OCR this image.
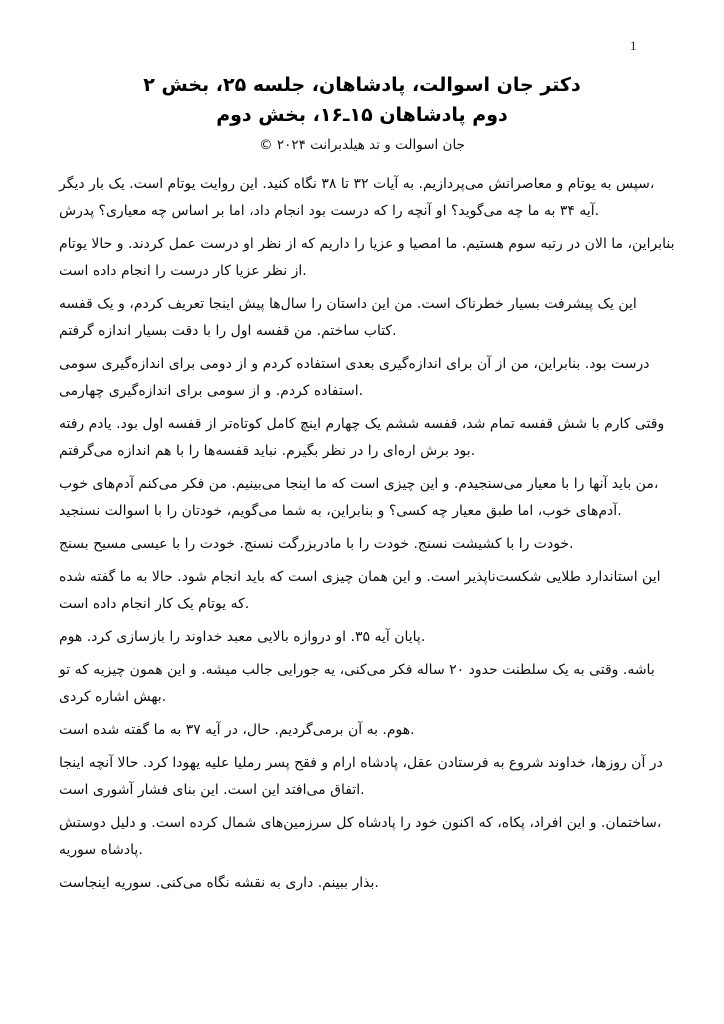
1
دکتر جان اسوالت، پادشاهان، جلسه ۲۵، بخش ۲
دوم پادشاهان ۱۵ـ۱۶، بخش دوم
© ۲۰۲۴ جان اسوالت و تد هیلدبرانت
سپس به یوتام و معاصرانش می‌پردازیم. به آیات ۳۲ تا ۳۸ نگاه کنید. این روایت یوتام است. یک بار دیگر،
آیه ۳۴ به ما چه می‌گوید؟ او آنچه را که درست بود انجام داد، اما بر اساس چه معیاری؟ پدرش.
بنابراین، ما الان در رتبه سوم هستیم. ما امصیا و عزیا را داریم که از نظر او درست عمل کردند. و حالا یوتام
از نظر عزیا کار درست را انجام داده است.
این یک پیشرفت بسیار خطرناک است. من این داستان را سال‌ها پیش اینجا تعریف کردم، و یک قفسه
کتاب ساختم. من قفسه اول را با دقت بسیار اندازه گرفتم.
درست بود. بنابراین، من از آن برای اندازه‌گیری بعدی استفاده کردم و از دومی برای اندازه‌گیری سومی
استفاده کردم. و از سومی برای اندازه‌گیری چهارمی.
وقتی کارم با شش قفسه تمام شد، قفسه ششم یک چهارم اینچ کامل کوتاه‌تر از قفسه اول بود. یادم رفته
بود برش اره‌ای را در نظر بگیرم. نباید قفسه‌ها را با هم اندازه می‌گرفتم.
من باید آنها را با معیار می‌سنجیدم. و این چیزی است که ما اینجا می‌بینیم. من فکر می‌کنم آدم‌های خوب،
آدم‌های خوب، اما طبق معیار چه کسی؟ و بنابراین، به شما می‌گویم، خودتان را با اسوالت نسنجید.
خودت را با کشیشت نسنج. خودت را با مادربزرگت نسنج. خودت را با عیسی مسیح بسنج.
این استاندارد طلایی شکست‌ناپذیر است. و این همان چیزی است که باید انجام شود. حالا به ما گفته شده
که یوتام یک کار انجام داده است.
پایان آیه ۳۵. او دروازه بالایی معبد خداوند را بازسازی کرد. هوم.
باشه. وقتی به یک سلطنت حدود ۲۰ ساله فکر می‌کنی، یه جورایی جالب میشه. و این همون چیزیه که تو
بهش اشاره کردی.
هوم. به آن برمی‌گردیم. حال، در آیه ۳۷ به ما گفته شده است.
در آن روزها، خداوند شروع به فرستادن عقل، پادشاه ارام و فقح پسر رملیا علیه یهودا کرد. حالا آنچه اینجا
اتفاق می‌افتد این است. این بنای فشار آشوری است.
ساختمان. و این افراد، پکاه، که اکنون خود را پادشاه کل سرزمین‌های شمال کرده است. و دلیل دوستش،
پادشاه سوریه.
بذار ببینم. داری به نقشه نگاه می‌کنی. سوریه اینجاست.
